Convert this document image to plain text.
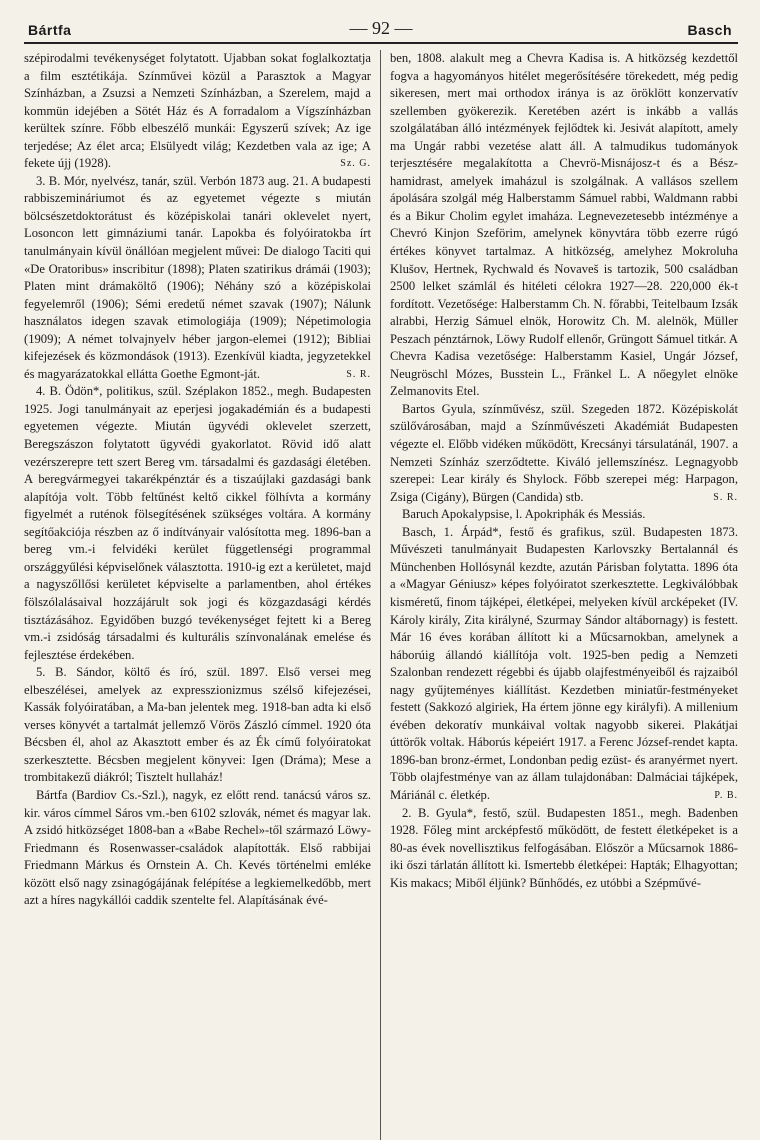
Bártfa	— 92 —	Basch

szépirodalmi tevékenységet folytatott. Ujabban sokat foglalkoztatja a film esztétikája. Színművei közül a Parasztok a Magyar Színházban, a Zsuzsi a Nemzeti Színházban, a Szerelem, majd a kommün idejében a Sötét Ház és A forradalom a Vígszínházban kerültek színre. Főbb elbeszélő munkái: Egyszerű szívek; Az ige terjedése; Az élet arca; Elsülyedt világ; Kezdetben vala az ige; A fekete újj (1928).	Sz. G.

3. B. Mór, nyelvész, tanár, szül. Verbón 1873 aug. 21. A budapesti rabbiszemináriumot és az egyetemet végezte s miután bölcsészetdoktorátust és középiskolai tanári oklevelet nyert, Losoncon lett gimnáziumi tanár. Lapokba és folyóiratokba írt tanulmányain kívül önállóan megjelent művei: De dialogo Taciti qui «De Oratoribus» inscribitur (1898); Platen szatirikus drámái (1903); Platen mint drámaköltő (1906); Néhány szó a középiskolai fegyelemről (1906); Sémi eredetű német szavak (1907); Nálunk használatos idegen szavak etimologiája (1909); Népetimologia (1909); A német tolvajnyelv héber jargon-elemei (1912); Bibliai kifejezések és közmondások (1913). Ezenkívül kiadta, jegyzetekkel és magyarázatokkal ellátta Goethe Egmont-ját.	S. R.

4. B. Ödön*, politikus, szül. Széplakon 1852., megh. Budapesten 1925. Jogi tanulmányait az eperjesi jogakadémián és a budapesti egyetemen végezte. Miután ügyvédi oklevelet szerzett, Beregszászon folytatott ügyvédi gyakorlatot. Rövid idő alatt vezérszerepre tett szert Bereg vm. társadalmi és gazdasági életében. A beregvármegyei takarékpénztár és a tiszaújlaki gazdasági bank alapítója volt. Több feltűnést keltő cikkel fölhívta a kormány figyelmét a ruténok fölsegítésének szükséges voltára. A kormány segítőakciója részben az ő indítványair valósította meg. 1896-ban a bereg vm.-i felvidéki kerület függetlenségi programmal országgyűlési képviselőnek választotta. 1910-ig ezt a kerületet, majd a nagyszőllősi kerületet képviselte a parlamentben, ahol értékes fölszólalásaival hozzájárult sok jogi és közgazdasági kérdés tisztázásához. Egyidőben buzgó tevékenységet fejtett ki a Bereg vm.-i zsidóság társadalmi és kulturális színvonalának emelése és fejlesztése érdekében.

5. B. Sándor, költő és író, szül. 1897. Első versei meg elbeszélései, amelyek az expresszionizmus szélső kifejezései, Kassák folyóiratában, a Ma-ban jelentek meg. 1918-ban adta ki első verses könyvét a tartalmát jellemző Vörös Zászló címmel. 1920 óta Bécsben él, ahol az Akasztott ember és az Ék című folyóiratokat szerkesztette. Bécsben megjelent könyvei: Igen (Dráma); Mese a trombitakezű diákról; Tisztelt hullaház!

Bártfa (Bardiov Cs.-Szl.), nagyk, ez előtt rend. tanácsú város sz. kir. város címmel Sáros vm.-ben 6102 szlovák, német és magyar lak. A zsidó hitközséget 1808-ban a «Babe Rechel»-től származó Löwy-Friedmann és Rosenwasser-családok alapították. Első rabbijai Friedmann Márkus és Ornstein A. Ch. Kevés történelmi emléke között első nagy zsinagógájának felépítése a legkiemelkedőbb, mert azt a híres nagykállói caddik szentelte fel. Alapításának évé-

ben, 1808. alakult meg a Chevra Kadisa is. A hitközség kezdettől fogva a hagyományos hitélet megerősítésére törekedett, még pedig sikeresen, mert mai orthodox iránya is az öröklött konzervatív szellemben gyökerezik. Keretében azért is inkább a vallás szolgálatában álló intézmények fejlődtek ki. Jesivát alapított, amely ma Ungár rabbi vezetése alatt áll. A talmudikus tudományok terjesztésére megalakította a Chevrö-Misnájosz-t és a Bész-hamidrast, amelyek imaházul is szolgálnak. A vallásos szellem ápolására szolgál még Halberstamm Sámuel rabbi, Waldmann rabbi és a Bikur Cholim egylet imaháza. Legnevezetesebb intézménye a Chevró Kinjon Szeförim, amelynek könyvtára több ezerre rúgó értékes könyvet tartalmaz. A hitközség, amelyhez Mokroluha Klušov, Hertnek, Rychwald és Novaveš is tartozik, 500 családban 2500 lelket számlál és hitéleti célokra 1927—28. 220,000 ék-t fordított. Vezetősége: Halberstamm Ch. N. főrabbi, Teitelbaum Izsák alrabbi, Herzig Sámuel elnök, Horowitz Ch. M. alelnök, Müller Peszach pénztárnok, Löwy Rudolf ellenőr, Grüngott Sámuel titkár. A Chevra Kadisa vezetősége: Halberstamm Kasiel, Ungár József, Neugröschl Mózes, Busstein L., Fränkel L. A nőegylet elnöke Zelmanovits Etel.

Bartos Gyula, színművész, szül. Szegeden 1872. Középiskolát szülővárosában, majd a Színművészeti Akadémiát Budapesten végezte el. Előbb vidéken működött, Krecsányi társulatánál, 1907. a Nemzeti Színház szerződtette. Kiváló jellemszínész. Legnagyobb szerepei: Lear király és Shylock. Főbb szerepei még: Harpagon, Zsiga (Cigány), Bürgen (Candida) stb.	S. R.

Baruch Apokalypsise, l. Apokriphák és Messiás.

Basch, 1. Árpád*, festő és grafikus, szül. Budapesten 1873. Művészeti tanulmányait Budapesten Karlovszky Bertalannál és Münchenben Hollósynál kezdte, azután Párisban folytatta. 1896 óta a «Magyar Géniusz» képes folyóiratot szerkesztette. Legkiválóbbak kisméretű, finom tájképei, életképei, melyeken kívül arcképeket (IV. Károly király, Zita királyné, Szurmay Sándor altábornagy) is festett. Már 16 éves korában állított ki a Műcsarnokban, amelynek a háborúig állandó kiállítója volt. 1925-ben pedig a Nemzeti Szalonban rendezett régebbi és újabb olajfestményeiből és rajzaiból nagy gyűjteményes kiállítást. Kezdetben miniatűr-festményeket festett (Sakkozó algiriek, Ha értem jönne egy királyfi). A millenium évében dekoratív munkáival voltak nagyobb sikerei. Plakátjai úttörők voltak. Háborús képeiért 1917. a Ferenc József-rendet kapta. 1896-ban bronz-érmet, Londonban pedig ezüst- és aranyérmet nyert. Több olajfestménye van az állam tulajdonában: Dalmáciai tájképek, Máriánál c. életkép.	P. B.

2. B. Gyula*, festő, szül. Budapesten 1851., megh. Badenben 1928. Főleg mint arcképfestő működött, de festett életképeket is a 80-as évek novellisztikus felfogásában. Először a Műcsarnok 1886-iki őszi tárlatán állított ki. Ismertebb életképei: Hapták; Elhagyottan; Kis makacs; Miből éljünk? Bűnhődés, ez utóbbi a Szépművé-
